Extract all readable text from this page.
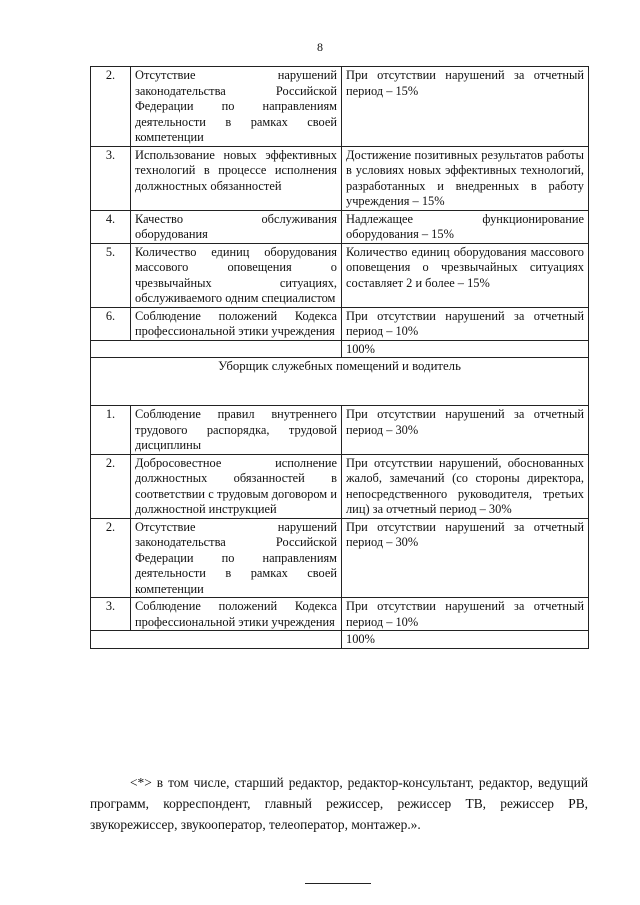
8
2.	Отсутствие нарушений законодательства Российской Федерации по направлениям деятельности в рамках своей компетенции	При отсутствии нарушений за отчетный период – 15%
3.	Использование новых эффективных технологий в процессе исполнения должностных обязанностей	Достижение позитивных результатов работы в условиях новых эффективных технологий, разработанных и внедренных в работу учреждения – 15%
4.	Качество обслуживания оборудования	Надлежащее функционирование оборудования – 15%
5.	Количество единиц оборудования массового оповещения о чрезвычайных ситуациях, обслуживаемого одним специалистом	Количество единиц оборудования массового оповещения о чрезвычайных ситуациях составляет 2 и более – 15%
6.	Соблюдение положений Кодекса профессиональной этики учреждения	При отсутствии нарушений за отчетный период – 10%
		100%
Уборщик служебных помещений и водитель		
1.	Соблюдение правил внутреннего трудового распорядка, трудовой дисциплины	При отсутствии нарушений за отчетный период – 30%
2.	Добросовестное исполнение должностных обязанностей в соответствии с трудовым договором и должностной инструкцией	При отсутствии нарушений, обоснованных жалоб, замечаний (со стороны директора, непосредственного руководителя, третьих лиц) за отчетный период – 30%
2.	Отсутствие нарушений законодательства Российской Федерации по направлениям деятельности в рамках своей компетенции	При отсутствии нарушений за отчетный период – 30%
3.	Соблюдение положений Кодекса профессиональной этики учреждения	При отсутствии нарушений за отчетный период – 10%
		100%
<*> в том числе, старший редактор, редактор-консультант, редактор, ведущий программ, корреспондент, главный режиссер, режиссер ТВ, режиссер РВ, звукорежиссер, звукооператор, телеоператор, монтажер.».
